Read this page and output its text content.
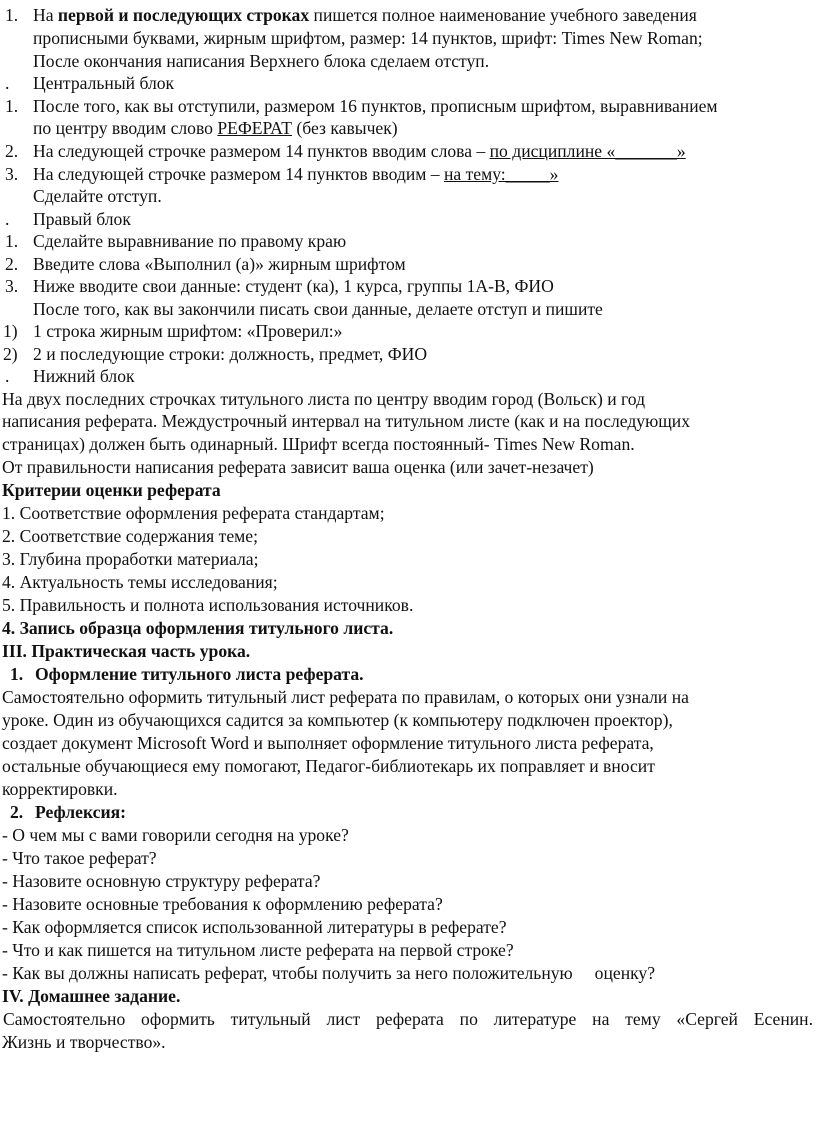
1. На первой и последующих строках пишется полное наименование учебного заведения
прописными буквами, жирным шрифтом, размер: 14 пунктов, шрифт: Times New Roman;
После окончания написания Верхнего блока сделаем отступ.
. Центральный блок
1. После того, как вы отступили, размером 16 пунктов, прописным шрифтом, выравниванием
по центру вводим слово РЕФЕРАТ (без кавычек)
2. На следующей строчке размером 14 пунктов вводим слова – по дисциплине «_______»
3. На следующей строчке размером 14 пунктов вводим – на тему:_____»
Сделайте отступ.
. Правый блок
1. Сделайте выравнивание по правому краю
2. Введите слова «Выполнил (а)» жирным шрифтом
3. Ниже вводите свои данные: студент (ка), 1 курса, группы 1А-В, ФИО
После того, как вы закончили писать свои данные, делаете отступ и пишите
1) 1 строка жирным шрифтом: «Проверил:»
2) 2 и последующие строки: должность, предмет, ФИО
. Нижний блок
На двух последних строчках титульного листа по центру вводим город (Вольск) и год
написания реферата. Междустрочный интервал на титульном листе (как и на последующих
страницах) должен быть одинарный. Шрифт всегда постоянный- Times New Roman.
От правильности написания реферата зависит ваша оценка (или зачет-незачет)
Критерии оценки реферата
1. Соответствие оформления реферата стандартам;
2. Соответствие содержания теме;
3. Глубина проработки материала;
4. Актуальность темы исследования;
5. Правильность и полнота использования источников.
4. Запись образца оформления титульного листа.
III. Практическая часть урока.
1. Оформление титульного листа реферата.
Самостоятельно оформить титульный лист реферата по правилам, о которых они узнали на
уроке. Один из обучающихся садится за компьютер (к компьютеру подключен проектор),
создает документ Microsoft Word и выполняет оформление титульного листа реферата,
остальные обучающиеся ему помогают, Педагог-библиотекарь их поправляет и вносит
корректировки.
2. Рефлексия:
- О чем мы с вами говорили сегодня на уроке?
- Что такое реферат?
- Назовите основную структуру реферата?
- Назовите основные требования к оформлению реферата?
- Как оформляется список использованной литературы в реферате?
- Что и как пишется на титульном листе реферата на первой строке?
- Как вы должны написать реферат, чтобы получить за него положительную     оценку?
IV. Домашнее задание.
Самостоятельно оформить титульный лист реферата по литературе на тему «Сергей Есенин.
Жизнь и творчество».
